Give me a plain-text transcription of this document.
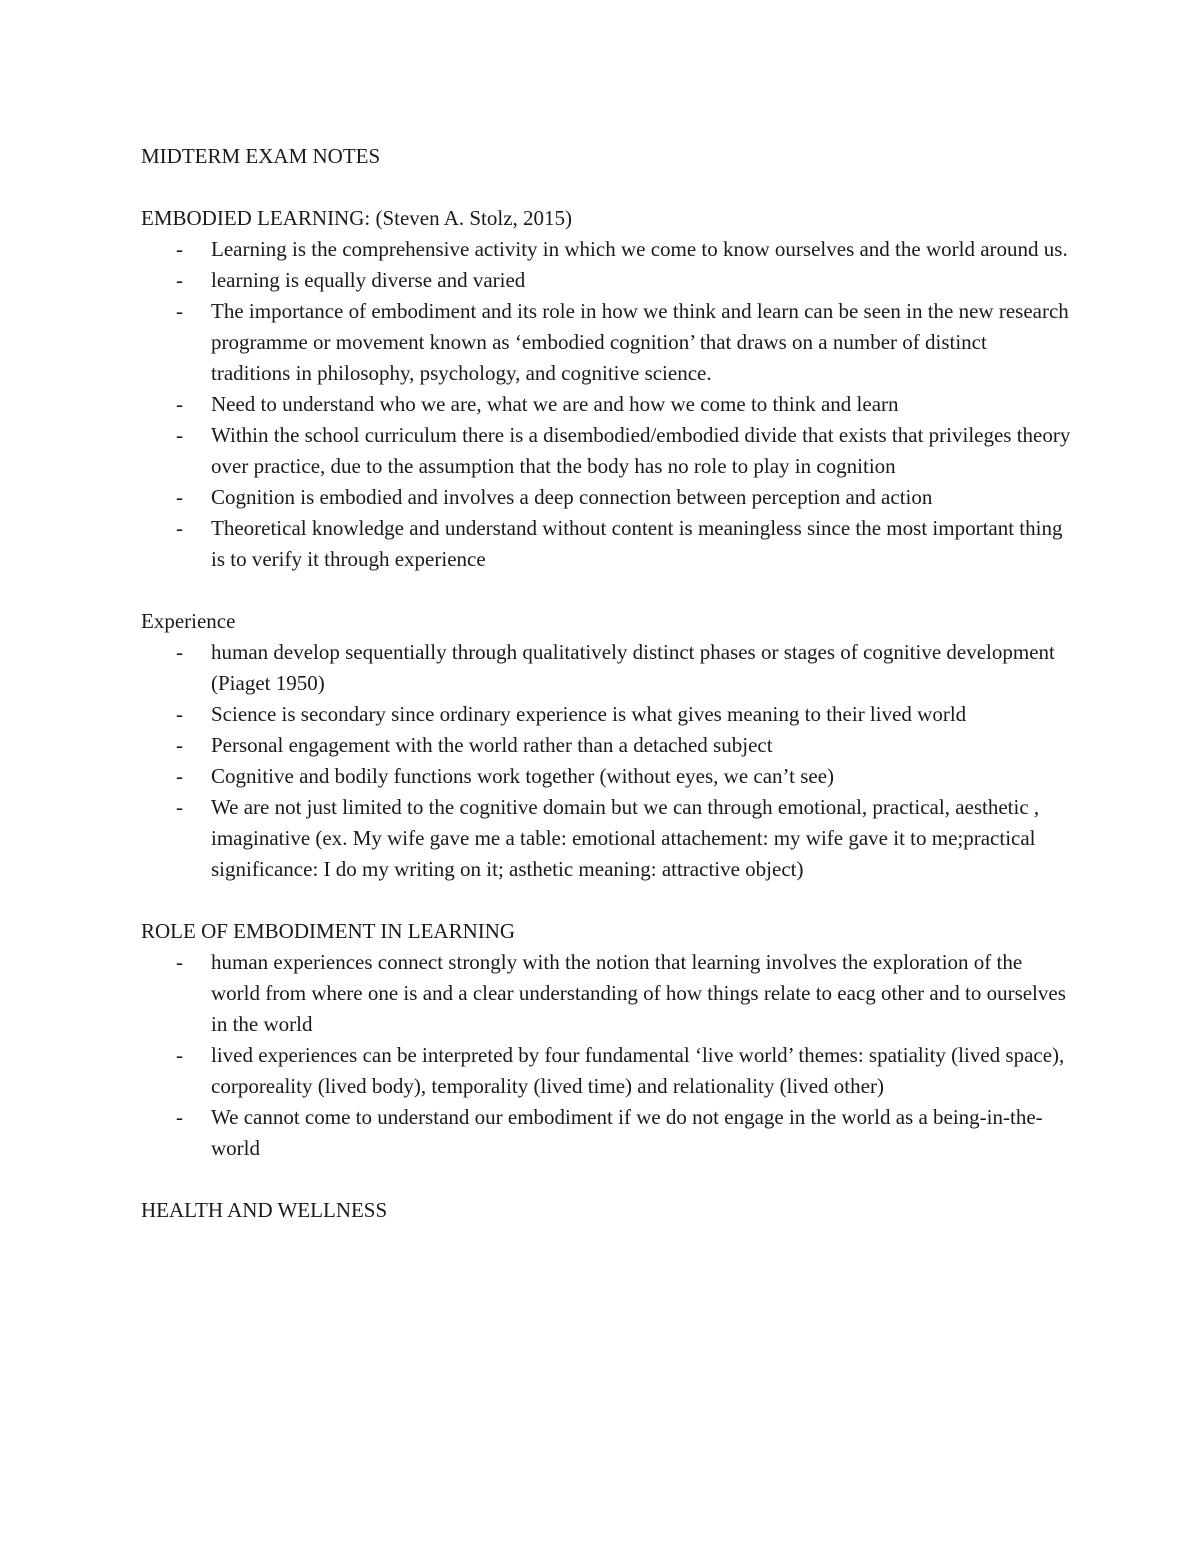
MIDTERM EXAM NOTES

EMBODIED LEARNING: (Steven A. Stolz, 2015)

- Learning is the comprehensive activity in which we come to know ourselves and the world around us.
- learning is equally diverse and varied
- The importance of embodiment and its role in how we think and learn can be seen in the new research programme or movement known as ‘embodied cognition’ that draws on a number of distinct traditions in philosophy, psychology, and cognitive science.
- Need to understand who we are, what we are and how we come to think and learn
- Within the school curriculum there is a disembodied/embodied divide that exists that privileges theory over practice, due to the assumption that the body has no role to play in cognition
- Cognition is embodied and involves a deep connection between perception and action
- Theoretical knowledge and understand without content is meaningless since the most important thing is to verify it through experience

Experience

- human develop sequentially through qualitatively distinct phases or stages of cognitive development (Piaget 1950)
- Science is secondary since ordinary experience is what gives meaning to their lived world
- Personal engagement with the world rather than a detached subject
- Cognitive and bodily functions work together (without eyes, we can’t see)
- We are not just limited to the cognitive domain but we can through emotional, practical, aesthetic , imaginative (ex. My wife gave me a table: emotional attachement: my wife gave it to me;practical significance: I do my writing on it; asthetic meaning: attractive object)

ROLE OF EMBODIMENT IN LEARNING

- human experiences connect strongly with the notion that learning involves the exploration of the world from where one is and a clear understanding of how things relate to eacg other and to ourselves in the world
- lived experiences can be interpreted by four fundamental ‘live world’ themes: spatiality (lived space), corporeality (lived body), temporality (lived time) and relationality (lived other)
- We cannot come to understand our embodiment if we do not engage in the world as a being-in-the-world

HEALTH AND WELLNESS
